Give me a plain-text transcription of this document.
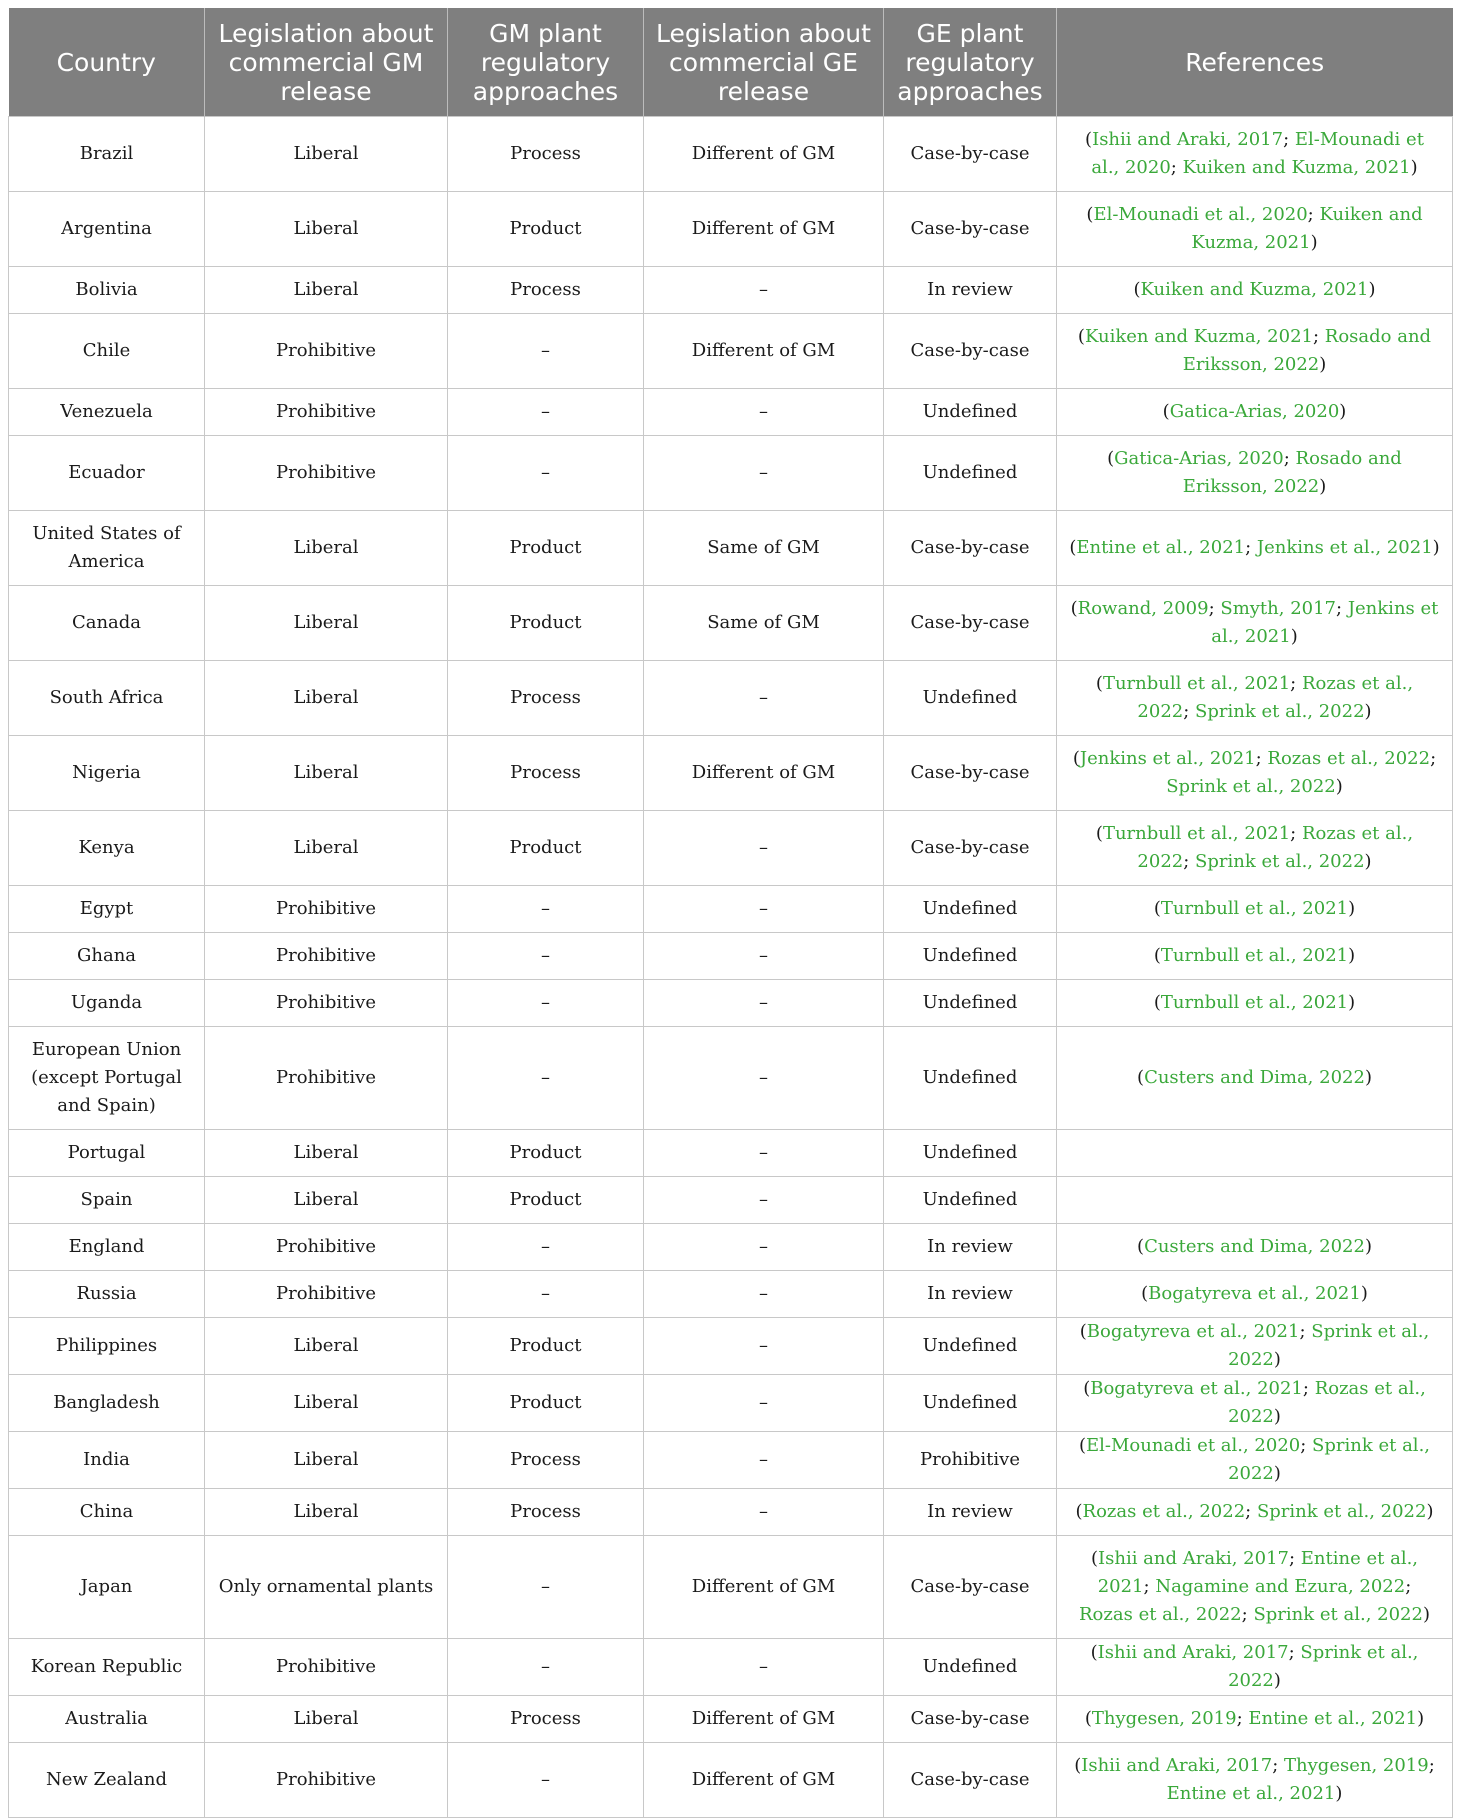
Country	Legislation about commercial GM release	GM plant regulatory approaches	Legislation about commercial GE release	GE plant regulatory approaches	References
Brazil	Liberal	Process	Different of GM	Case-by-case	(Ishii and Araki, 2017; El-Mounadi et al., 2020; Kuiken and Kuzma, 2021)
Argentina	Liberal	Product	Different of GM	Case-by-case	(El-Mounadi et al., 2020; Kuiken and Kuzma, 2021)
Bolivia	Liberal	Process	–	In review	(Kuiken and Kuzma, 2021)
Chile	Prohibitive	–	Different of GM	Case-by-case	(Kuiken and Kuzma, 2021; Rosado and Eriksson, 2022)
Venezuela	Prohibitive	–	–	Undefined	(Gatica-Arias, 2020)
Ecuador	Prohibitive	–	–	Undefined	(Gatica-Arias, 2020; Rosado and Eriksson, 2022)
United States of America	Liberal	Product	Same of GM	Case-by-case	(Entine et al., 2021; Jenkins et al., 2021)
Canada	Liberal	Product	Same of GM	Case-by-case	(Rowand, 2009; Smyth, 2017; Jenkins et al., 2021)
South Africa	Liberal	Process	–	Undefined	(Turnbull et al., 2021; Rozas et al., 2022; Sprink et al., 2022)
Nigeria	Liberal	Process	Different of GM	Case-by-case	(Jenkins et al., 2021; Rozas et al., 2022; Sprink et al., 2022)
Kenya	Liberal	Product	–	Case-by-case	(Turnbull et al., 2021; Rozas et al., 2022; Sprink et al., 2022)
Egypt	Prohibitive	–	–	Undefined	(Turnbull et al., 2021)
Ghana	Prohibitive	–	–	Undefined	(Turnbull et al., 2021)
Uganda	Prohibitive	–	–	Undefined	(Turnbull et al., 2021)
European Union (except Portugal and Spain)	Prohibitive	–	–	Undefined	(Custers and Dima, 2022)
Portugal	Liberal	Product	–	Undefined	
Spain	Liberal	Product	–	Undefined	
England	Prohibitive	–	–	In review	(Custers and Dima, 2022)
Russia	Prohibitive	–	–	In review	(Bogatyreva et al., 2021)
Philippines	Liberal	Product	–	Undefined	(Bogatyreva et al., 2021; Sprink et al., 2022)
Bangladesh	Liberal	Product	–	Undefined	(Bogatyreva et al., 2021; Rozas et al., 2022)
India	Liberal	Process	–	Prohibitive	(El-Mounadi et al., 2020; Sprink et al., 2022)
China	Liberal	Process	–	In review	(Rozas et al., 2022; Sprink et al., 2022)
Japan	Only ornamental plants	–	Different of GM	Case-by-case	(Ishii and Araki, 2017; Entine et al., 2021; Nagamine and Ezura, 2022; Rozas et al., 2022; Sprink et al., 2022)
Korean Republic	Prohibitive	–	–	Undefined	(Ishii and Araki, 2017; Sprink et al., 2022)
Australia	Liberal	Process	Different of GM	Case-by-case	(Thygesen, 2019; Entine et al., 2021)
New Zealand	Prohibitive	–	Different of GM	Case-by-case	(Ishii and Araki, 2017; Thygesen, 2019; Entine et al., 2021)
